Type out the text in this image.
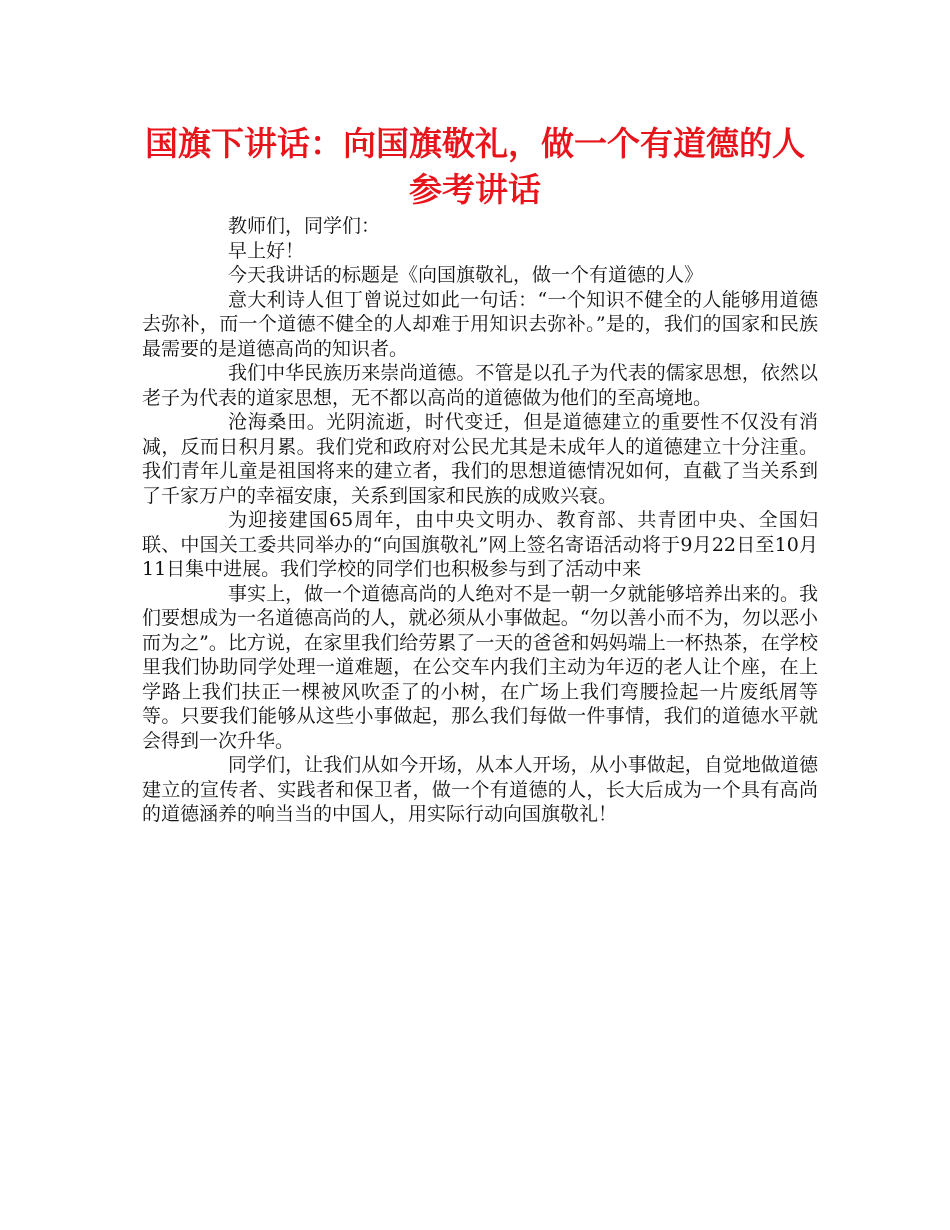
国旗下讲话：向国旗敬礼，做一个有道德的人参考讲话

教师们，同学们：

早上好！

今天我讲话的标题是《向国旗敬礼，做一个有道德的人》

意大利诗人但丁曾说过如此一句话：“一个知识不健全的人能够用道德去弥补，而一个道德不健全的人却难于用知识去弥补。”是的，我们的国家和民族最需要的是道德高尚的知识者。

我们中华民族历来崇尚道德。不管是以孔子为代表的儒家思想，依然以老子为代表的道家思想，无不都以高尚的道德做为他们的至高境地。

沧海桑田。光阴流逝，时代变迁，但是道德建立的重要性不仅没有消减，反而日积月累。我们党和政府对公民尤其是未成年人的道德建立十分注重。我们青年儿童是祖国将来的建立者，我们的思想道德情况如何，直截了当关系到了千家万户的幸福安康，关系到国家和民族的成败兴衰。

为迎接建国65周年，由中央文明办、教育部、共青团中央、全国妇联、中国关工委共同举办的“向国旗敬礼”网上签名寄语活动将于9月22日至10月11日集中进展。我们学校的同学们也积极参与到了活动中来

事实上，做一个道德高尚的人绝对不是一朝一夕就能够培养出来的。我们要想成为一名道德高尚的人，就必须从小事做起。“勿以善小而不为，勿以恶小而为之”。比方说，在家里我们给劳累了一天的爸爸和妈妈端上一杯热茶，在学校里我们协助同学处理一道难题，在公交车内我们主动为年迈的老人让个座，在上学路上我们扶正一棵被风吹歪了的小树，在广场上我们弯腰捡起一片废纸屑等等。只要我们能够从这些小事做起，那么我们每做一件事情，我们的道德水平就会得到一次升华。

同学们，让我们从如今开场，从本人开场，从小事做起，自觉地做道德建立的宣传者、实践者和保卫者，做一个有道德的人，长大后成为一个具有高尚的道德涵养的响当当的中国人，用实际行动向国旗敬礼！
